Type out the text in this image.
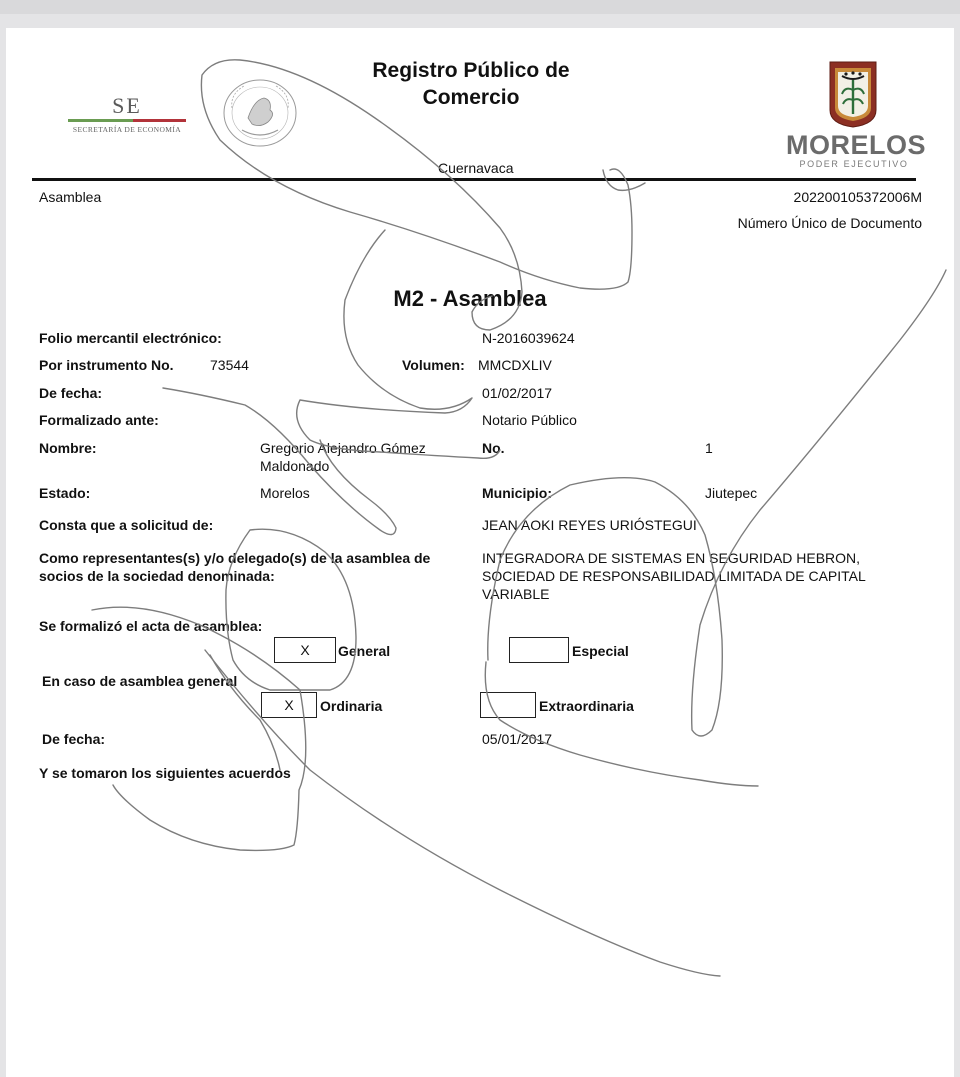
SE
SECRETARÍA DE ECONOMÍA
Registro Público de Comercio
Cuernavaca
MORELOS
PODER EJECUTIVO
Asamblea	202200105372006M
Número Único de Documento
M2 - Asamblea
Folio mercantil electrónico:	N-2016039624
Por instrumento No.	73544	Volumen: MMCDXLIV
De fecha:	01/02/2017
Formalizado ante:	Notario Público
Nombre:	Gregorio Alejandro Gómez
Maldonado
No.	1
Estado:	Morelos	Municipio:	Jiutepec
Consta que a solicitud de:	JEAN AOKI REYES URIÓSTEGUI
Como representantes(s) y/o delegado(s) de la asamblea de
socios de la sociedad denominada:
INTEGRADORA DE SISTEMAS EN SEGURIDAD HEBRON,
SOCIEDAD DE RESPONSABILIDAD LIMITADA DE CAPITAL
VARIABLE
Se formalizó el acta de asamblea:
X	General	Especial
En caso de asamblea general
X	Ordinaria	Extraordinaria
De fecha:	05/01/2017
Y se tomaron los siguientes acuerdos
